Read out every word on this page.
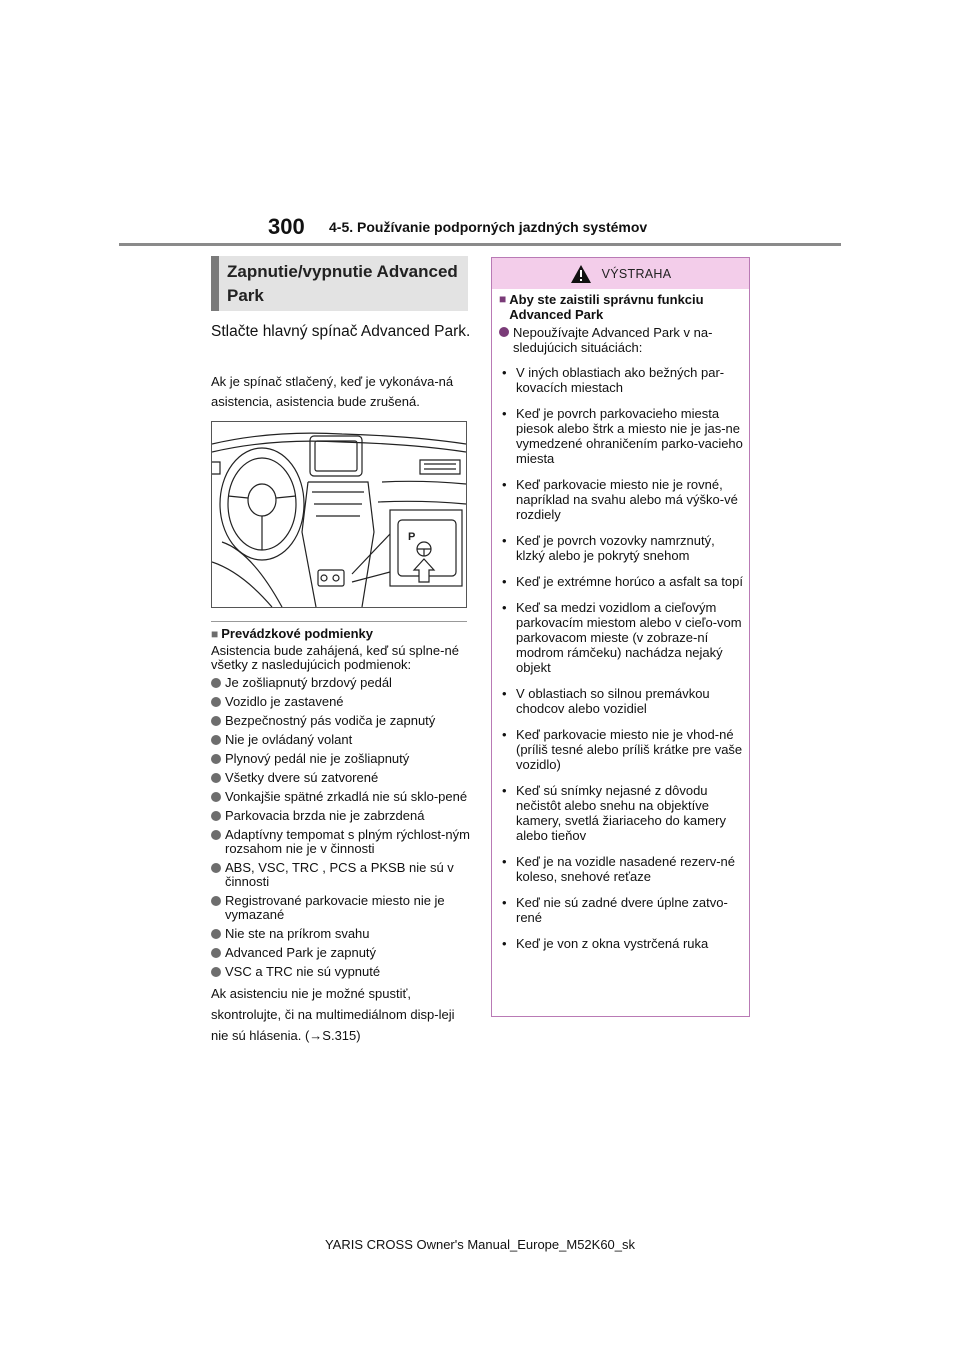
300 4-5. Používanie podporných jazdných systémov
Zapnutie/vypnutie Advanced
Park
Stlačte hlavný spínač Advanced Park.
Ak je spínač stlačený, keď je vykonáva-ná asistencia, asistencia bude zrušená.
P
■ Prevádzkové podmienky
Asistencia bude zahájená, keď sú splne-né všetky z nasledujúcich podmienok:
Je zošliapnutý brzdový pedál
Vozidlo je zastavené
Bezpečnostný pás vodiča je zapnutý
Nie je ovládaný volant
Plynový pedál nie je zošliapnutý
Všetky dvere sú zatvorené
Vonkajšie spätné zrkadlá nie sú sklo-pené
Parkovacia brzda nie je zabrzdená
Adaptívny tempomat s plným rýchlost-ným rozsahom nie je v činnosti
ABS, VSC, TRC , PCS a PKSB nie sú v činnosti
Registrované parkovacie miesto nie je vymazané
Nie ste na príkrom svahu
Advanced Park je zapnutý
VSC a TRC nie sú vypnuté
Ak asistenciu nie je možné spustiť, skontrolujte, či na multimediálnom disp-leji nie sú hlásenia. (→S.315)
VÝSTRAHA
■ Aby ste zaistili správnu funkciu Advanced Park
Nepoužívajte Advanced Park v na-sledujúcich situáciách:
• V iných oblastiach ako bežných par-kovacích miestach
• Keď je povrch parkovacieho miesta piesok alebo štrk a miesto nie je jas-ne vymedzené ohraničením parko-vacieho miesta
• Keď parkovacie miesto nie je rovné, napríklad na svahu alebo má výško-vé rozdiely
• Keď je povrch vozovky namrznutý, klzký alebo je pokrytý snehom
• Keď je extrémne horúco a asfalt sa topí
• Keď sa medzi vozidlom a cieľovým parkovacím miestom alebo v cieľo-vom parkovacom mieste (v zobraze-ní modrom rámčeku) nachádza nejaký objekt
• V oblastiach so silnou premávkou chodcov alebo vozidiel
• Keď parkovacie miesto nie je vhod-né (príliš tesné alebo príliš krátke pre vaše vozidlo)
• Keď sú snímky nejasné z dôvodu nečistôt alebo snehu na objektíve kamery, svetlá žiariaceho do kamery alebo tieňov
• Keď je na vozidle nasadené rezerv-né koleso, snehové reťaze
• Keď nie sú zadné dvere úplne zatvo-rené
• Keď je von z okna vystrčená ruka
YARIS CROSS Owner's Manual_Europe_M52K60_sk
